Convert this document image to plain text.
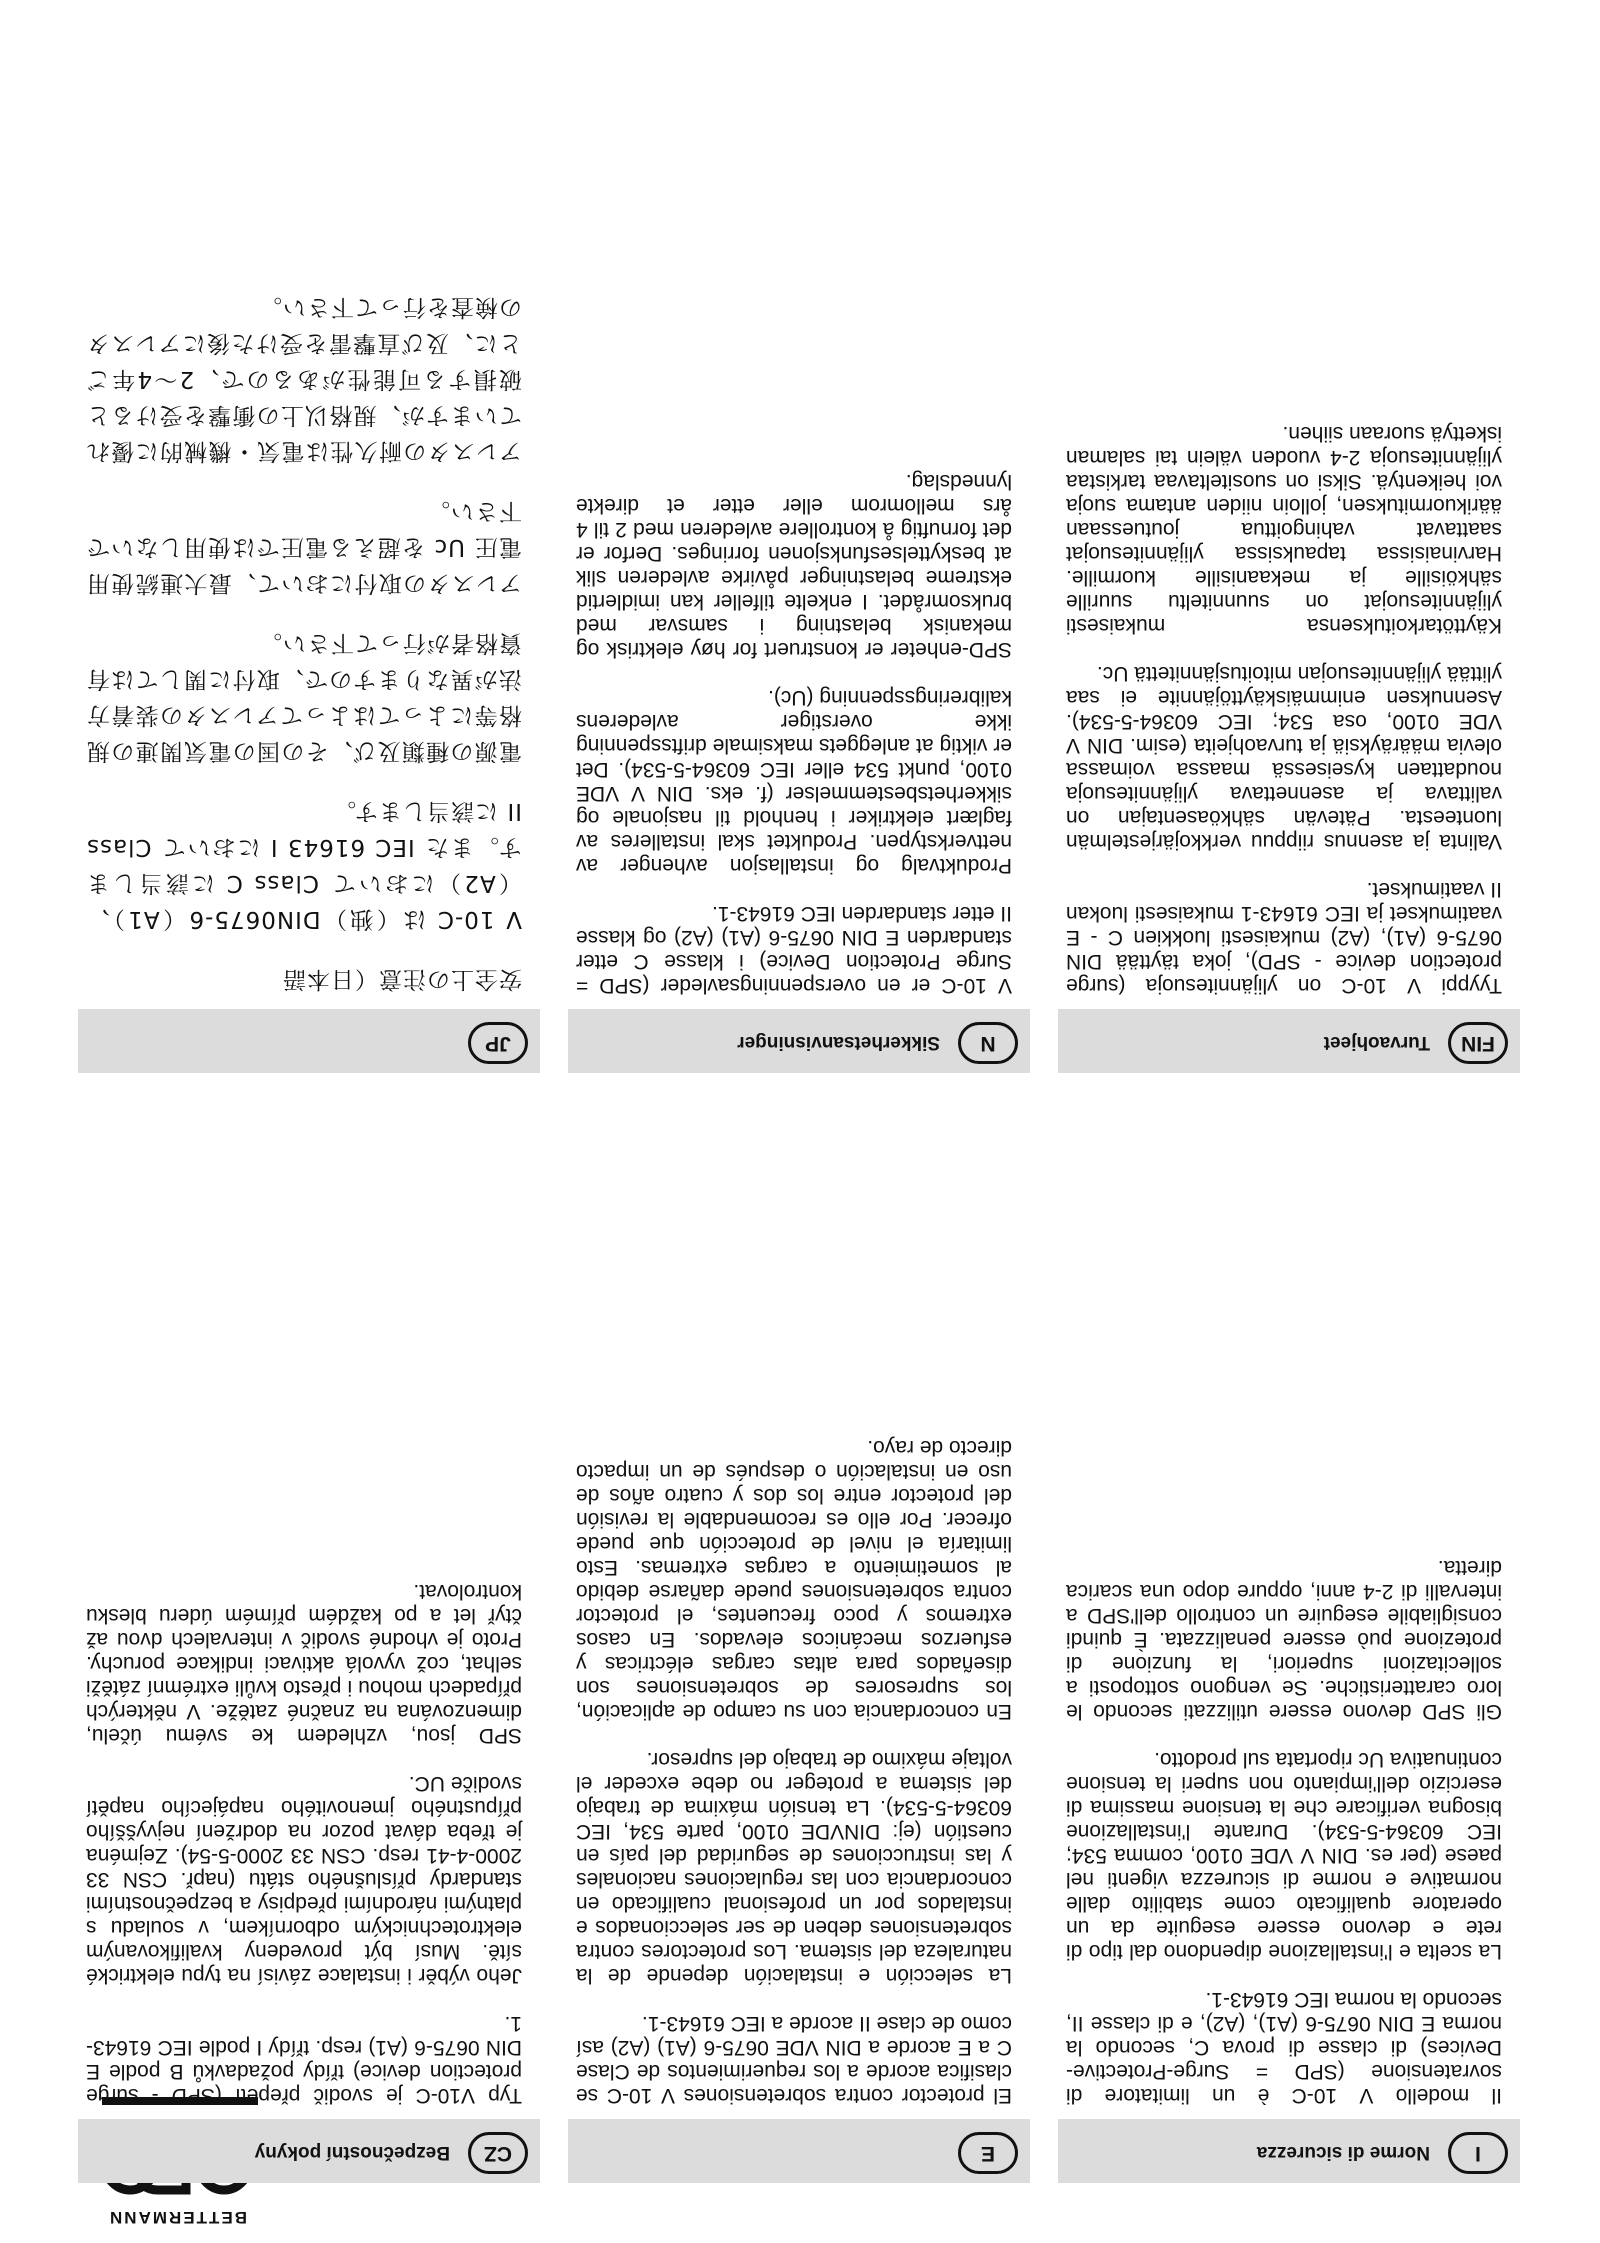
BETTERMANN
CZ
Bezpečnostní pokyny

Typ V10-C je svodič přepětí (SPD - surge protection device) třídy požadavků B podle E DIN 0675-6 (A1) resp. třídy I podle IEC 61643-1.

Jeho výběr i instalace závisí na typu elektrické sítě. Musí být provedeny kvalifikovaným elektrotechnickým odborníkem, v souladu s platnými národními předpisy a bezpečnostními standardy příslušného státu (např. CSN 33 2000-4-41 resp. CSN 33 2000-5-54). Zejména je třeba dávat pozor na dodržení nejvyššího přípustného jmenovitého napájecího napětí svodiče UC.

SPD jsou, vzhledem ke svému účelu, dimenzována na značné zatěže. V některých případech mohou i přesto kvůli extrémní zátěži selhat, což vyvolá aktivaci indikace poruchy. Proto je vhodné svodič v intervalech dvou až čtyř let a po každém přímém úderu blesku kontrolovat.

JP

安全上の注意（日本語

V 10-C は（独）DIN0675-6（A1）、（A2）において Class C に該当します。また IEC 61643 I において Class II に該当します。

電源の種類及び、その国の電気関連の規格等によってはよってアレスタの装着方法が異なりますので、取付に関しては有資格者が行って下さい。

アレスタの取付において、最大連続使用電圧 Uc を超える電圧では使用しないで下さい。

アレスタの耐久性は電気・機械的に優れていますが、規格以上の衝撃を受けると破損する可能性があるので、2〜4年ごとに、及び直撃雷を受けた後にアレスタの検査を行って下さい。

E

El protector contra sobretensiones V 10-C se clasifica acorde a los requerimientos de Clase C a E acorde a DIN VDE 0675-6 (A1) (A2) así como de clase II acorde a IEC 61643-1.

La selección e instalación depende de la naturaleza del sistema. Los protectores contra sobretensiones deben de ser seleccionados e instalados por un profesional cualificado en concordancia con las regulaciones nacionales y las instrucciones de seguridad del país en cuestión (ej: DINVDE 0100, parte 534, IEC 60364-5-534). La tensión máxima de trabajo del sistema a proteger no debe exceder el voltaje máximo de trabajo del supresor.

En concordancia con su campo de aplicación, los supresores de sobretensiones son diseñados para altas cargas eléctricas y esfuerzos mecánicos elevados. En casos extremos y poco frecuentes, el protector contra sobretensiones puede dañarse debido al sometimiento a cargas extremas. Esto limitaría el nivel de protección que puede ofrecer. Por ello es recomendable la revisión del protector entre los dos y cuatro años de uso en instalación o después de un impacto directo de rayo.

N
Sikkerhetsanvisninger

V 10-C er en overspenningsavleder (SPD = Surge Protection Device) i klasse C etter standarden E DIN 0675-6 (A1) (A2) og klasse II etter standarden IEC 61643-1.

Produktvalg og installasjon avhenger av nettverkstypen. Produktet skal installeres av faglært elektriker i henhold til nasjonale og sikkerhetsbestemmelser (f. eks. DIN V VDE 0100, punkt 534 eller IEC 60364-5-534). Det er viktig at anleggets maksimale driftsspenning ikke overstiger avlederens kalibreringsspenning (Uc).

SPD-enheter er konstruert for høy elektrisk og mekanisk belastning i samsvar med bruksområdet. I enkelte tilfeller kan imidlertid ekstreme belastninger påvirke avlederen slik at beskyttelsesfunksjonen forringes. Derfor er det fornuftig å kontrollere avlederen med 2 til 4 års mellomrom eller etter et direkte lynnedslag.

I
Norme di sicurezza

Il modello V 10-C è un limitatore di sovratensione (SPD = Surge-Protective-Devices) di classe di prova C, secondo la norma E DIN 0675-6 (A1), (A2), e di classe II, secondo la norma IEC 61643-1.

La scelta e l'installazione dipendono dal tipo di rete e devono essere eseguite da un operatore qualificato come stabilito dalle normative e norme di sicurezza vigenti nel paese (per es. DIN V VDE 0100, comma 534; IEC 60364-5-534). Durante l'installazione bisogna verificare che la tensione massima di esercizio dell'impianto non superi la tensione continuativa Uc riportata sul prodotto.

Gli SPD devono essere utilizzati secondo le loro caratteristiche. Se vengono sottoposti a sollecitazioni superiori, la funzione di protezione può essere penalizzata. È quindi consigliabile eseguire un controllo dell'SPD a intervalli di 2-4 anni, oppure dopo una scarica diretta.

FIN
Turvaohjeet

Tyyppi V 10-C on ylijännitesuoja (surge protection device - SPD), joka täyttää DIN 0675-6 (A1), (A2) mukaisesti luokkien C - E vaatimukset ja IEC 61643-1 mukaisesti luokan II vaatimukset.

Valinta ja asennus riippuu verkkojärjestelmän luonteesta. Pätevän sähköasentajan on valittava ja asennettava ylijännitesuoja noudattaen kyseisessä maassa voimassa olevia määräyksiä ja turvaohjeita (esim. DIN V VDE 0100, osa 534; IEC 60364-5-534). Asennuksen enimmäiskäyttöjännite ei saa ylittää ylijännitesuojan mitoitusjännitettä Uc.

Käyttötarkoituksensa mukaisesti ylijännitesuojat on suunniteltu suurille sähköisille ja mekaanisille kuormille. Harvinaisissa tapauksissa ylijännitesuojat saattavat vahingoittua joutuessaan äärikuormituksen, jolloin niiden antama suoja voi heikentyä. Siksi on suositeltavaa tarkistaa ylijännitesuoja 2-4 vuoden välein tai salaman iskettyä suoraan siihen.
